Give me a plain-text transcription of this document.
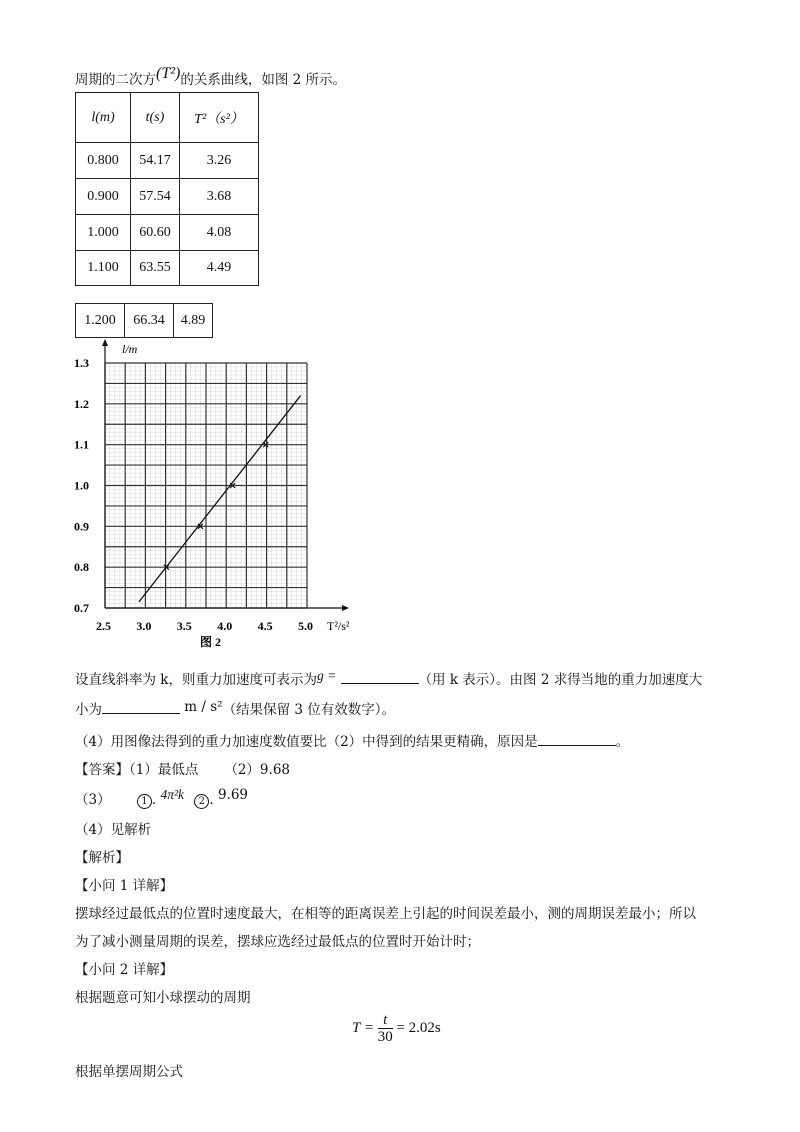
周期的二次方(T²)的关系曲线，如图 2 所示。
l(m)	t(s)	T²（s²）
0.800	54.17	3.26
0.900	57.54	3.68
1.000	60.60	4.08
1.100	63.55	4.49
1.200	66.34	4.89
2.5 3.0 3.5 4.0 4.5 5.0
0.7
0.8
0.9
1.0
1.1
1.2
1.3
l/m
T²/s²
图 2
设直线斜率为 k，则重力加速度可表示为g =	（用 k 表示）。由图 2 求得当地的重力加速度大
小为	m / s²（结果保留 3 位有效数字）。
（4）用图像法得到的重力加速度数值要比（2）中得到的结果更精确，原因是	。
【答案】（1）最低点 （2）9.68
（3）	1 . 4π²k 2 . 9.69
（4）见解析
【解析】
【小问 1 详解】
摆球经过最低点的位置时速度最大，在相等的距离误差上引起的时间误差最小，测的周期误差最小；所以
为了减小测量周期的误差，摆球应选经过最低点的位置时开始计时；
【小问 2 详解】
根据题意可知小球摆动的周期
$T = \frac{t}{30} = 2.02s$
根据单摆周期公式
